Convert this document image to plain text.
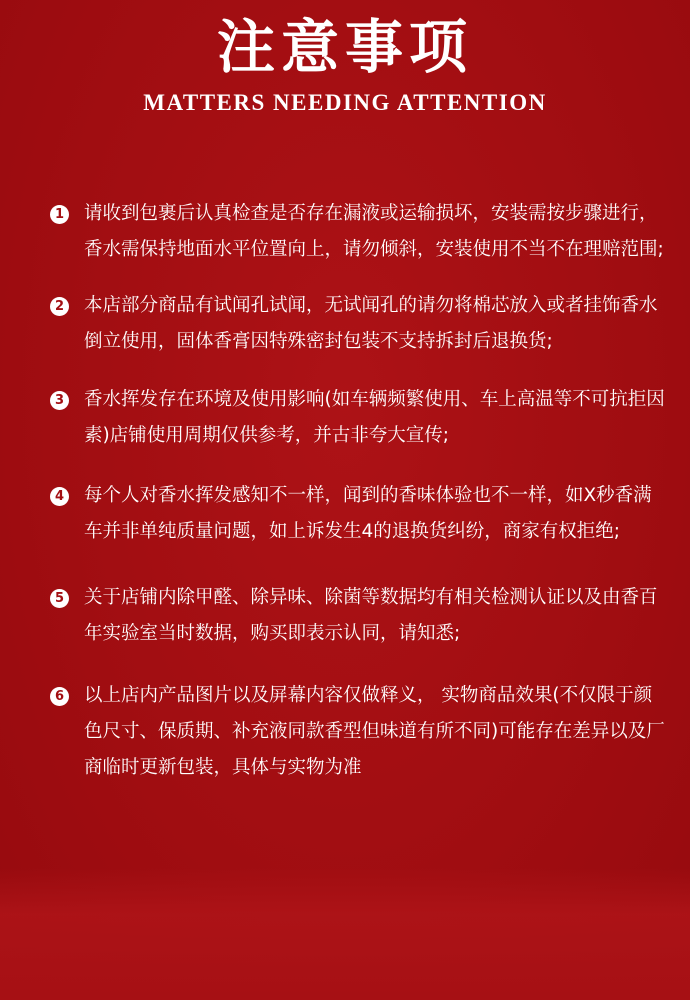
注意事项
MATTERS NEEDING ATTENTION
1 请收到包裹后认真检查是否存在漏液或运输损坏，安装需按步骤进行，香水需保持地面水平位置向上，请勿倾斜，安装使用不当不在理赔范围;
2 本店部分商品有试闻孔试闻，无试闻孔的请勿将棉芯放入或者挂饰香水倒立使用，固体香膏因特殊密封包装不支持拆封后退换货;
3 香水挥发存在环境及使用影响(如车辆频繁使用、车上高温等不可抗拒因素)店铺使用周期仅供参考，并古非夸大宣传;
4 每个人对香水挥发感知不一样，闻到的香味体验也不一样，如X秒香满车并非单纯质量问题，如上诉发生4的退换货纠纷，商家有权拒绝;
5 关于店铺内除甲醛、除异味、除菌等数据均有相关检测认证以及由香百年实验室当时数据，购买即表示认同，请知悉;
6 以上店内产品图片以及屏幕内容仅做释义， 实物商品效果(不仅限于颜色尺寸、保质期、补充液同款香型但味道有所不同)可能存在差异以及厂商临时更新包装，具体与实物为准
